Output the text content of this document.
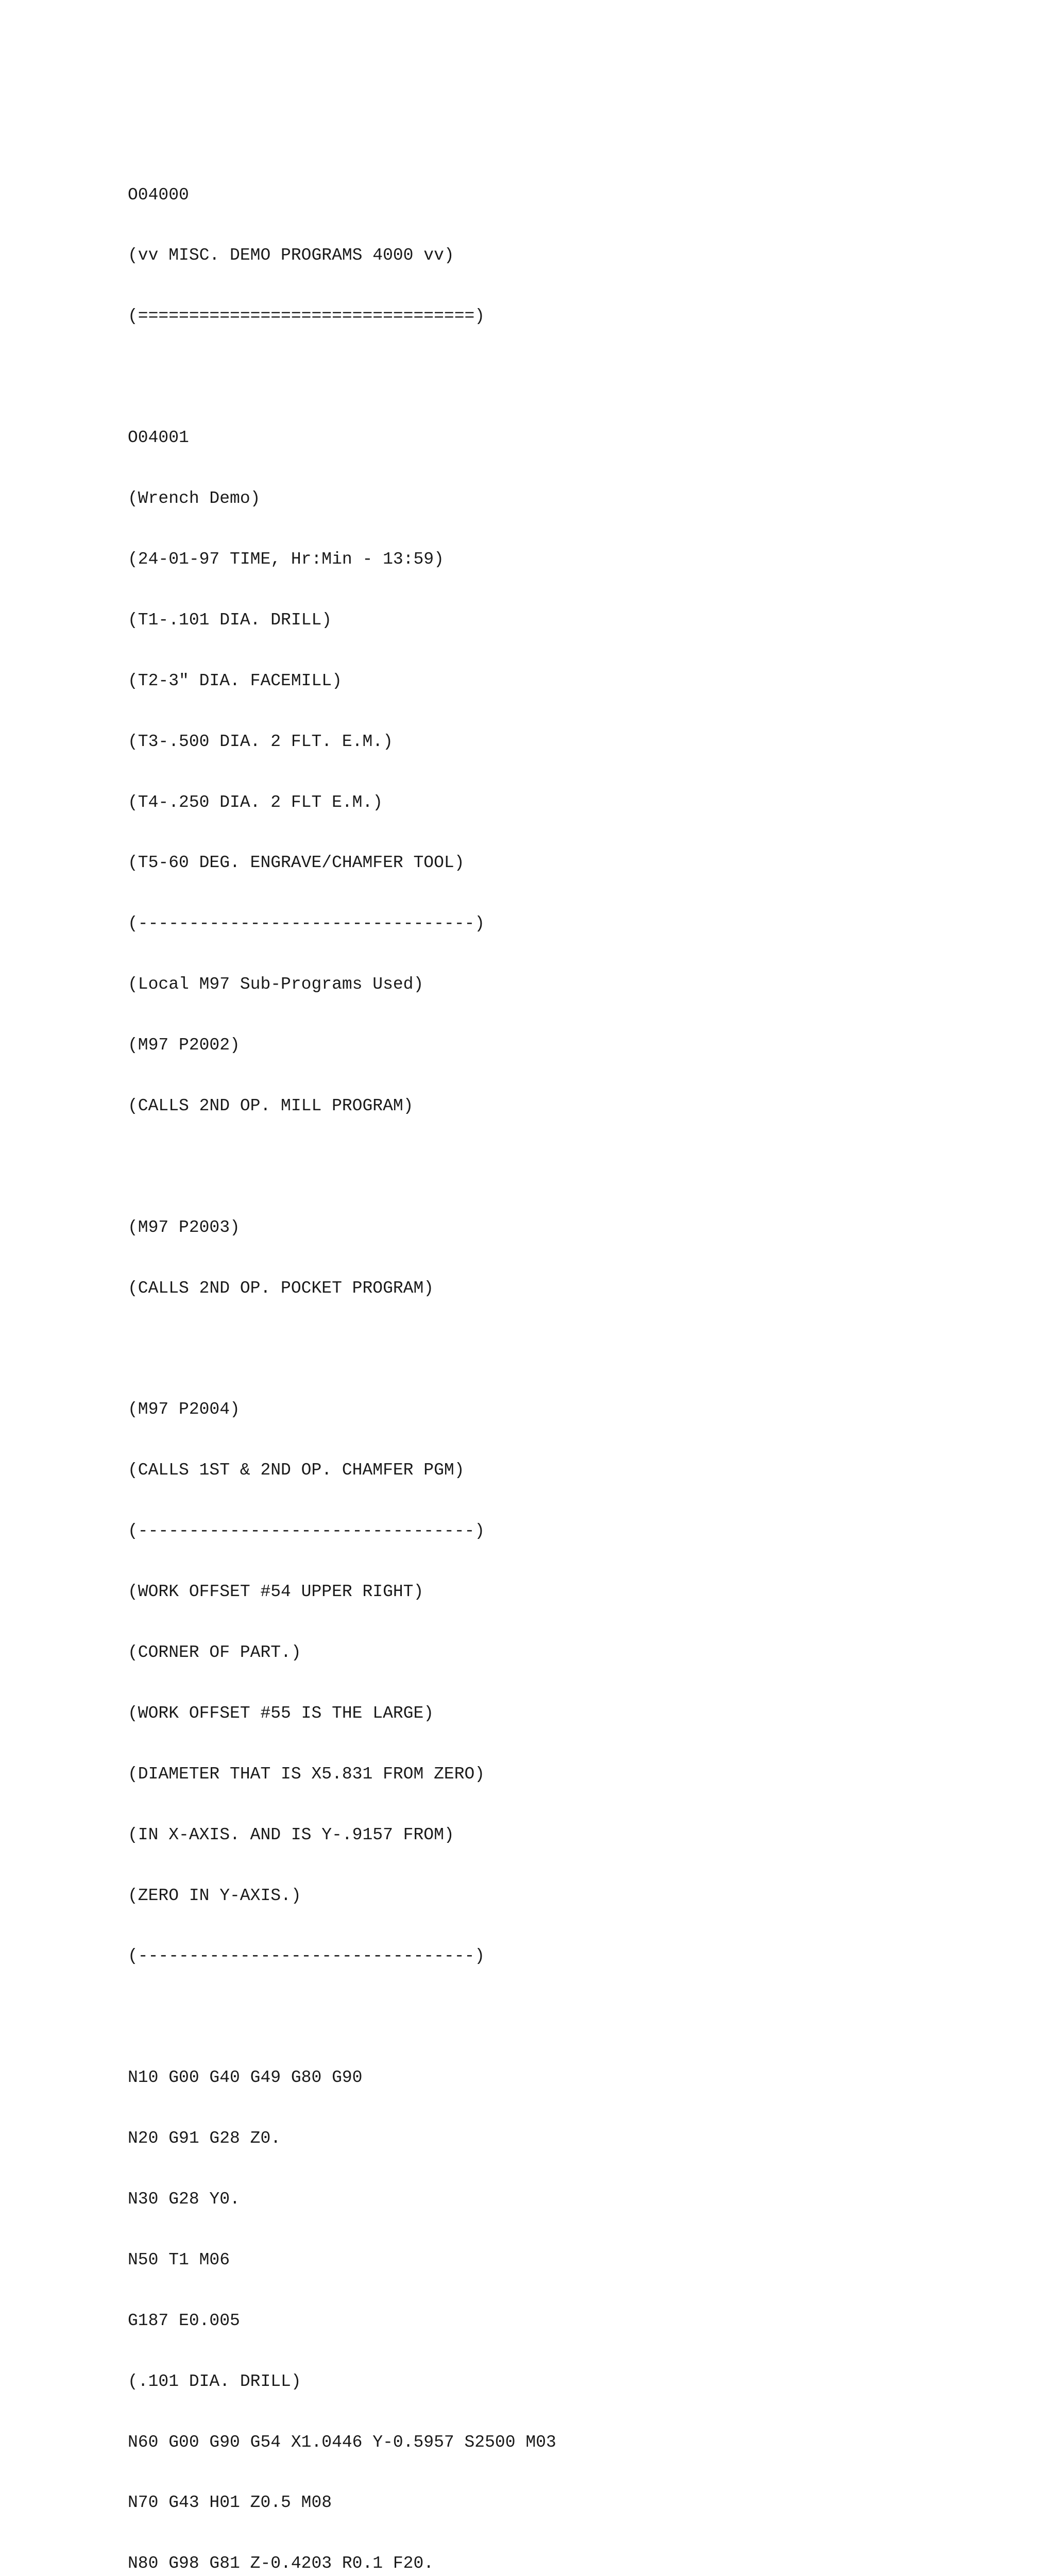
O04000

(vv MISC. DEMO PROGRAMS 4000 vv)

(=================================)

O04001

(Wrench Demo)

(24-01-97 TIME, Hr:Min - 13:59)

(T1-.101 DIA. DRILL)

(T2-3" DIA. FACEMILL)

(T3-.500 DIA. 2 FLT. E.M.)

(T4-.250 DIA. 2 FLT E.M.)

(T5-60 DEG. ENGRAVE/CHAMFER TOOL)

(---------------------------------)

(Local M97 Sub-Programs Used)

(M97 P2002)

(CALLS 2ND OP. MILL PROGRAM)

(M97 P2003)

(CALLS 2ND OP. POCKET PROGRAM)

(M97 P2004)

(CALLS 1ST & 2ND OP. CHAMFER PGM)

(---------------------------------)

(WORK OFFSET #54 UPPER RIGHT)

(CORNER OF PART.)

(WORK OFFSET #55 IS THE LARGE)

(DIAMETER THAT IS X5.831 FROM ZERO)

(IN X-AXIS. AND IS Y-.9157 FROM)

(ZERO IN Y-AXIS.)

(---------------------------------)

N10 G00 G40 G49 G80 G90

N20 G91 G28 Z0.

N30 G28 Y0.

N50 T1 M06

G187 E0.005

(.101 DIA. DRILL)

N60 G00 G90 G54 X1.0446 Y-0.5957 S2500 M03

N70 G43 H01 Z0.5 M08

N80 G98 G81 Z-0.4203 R0.1 F20.
